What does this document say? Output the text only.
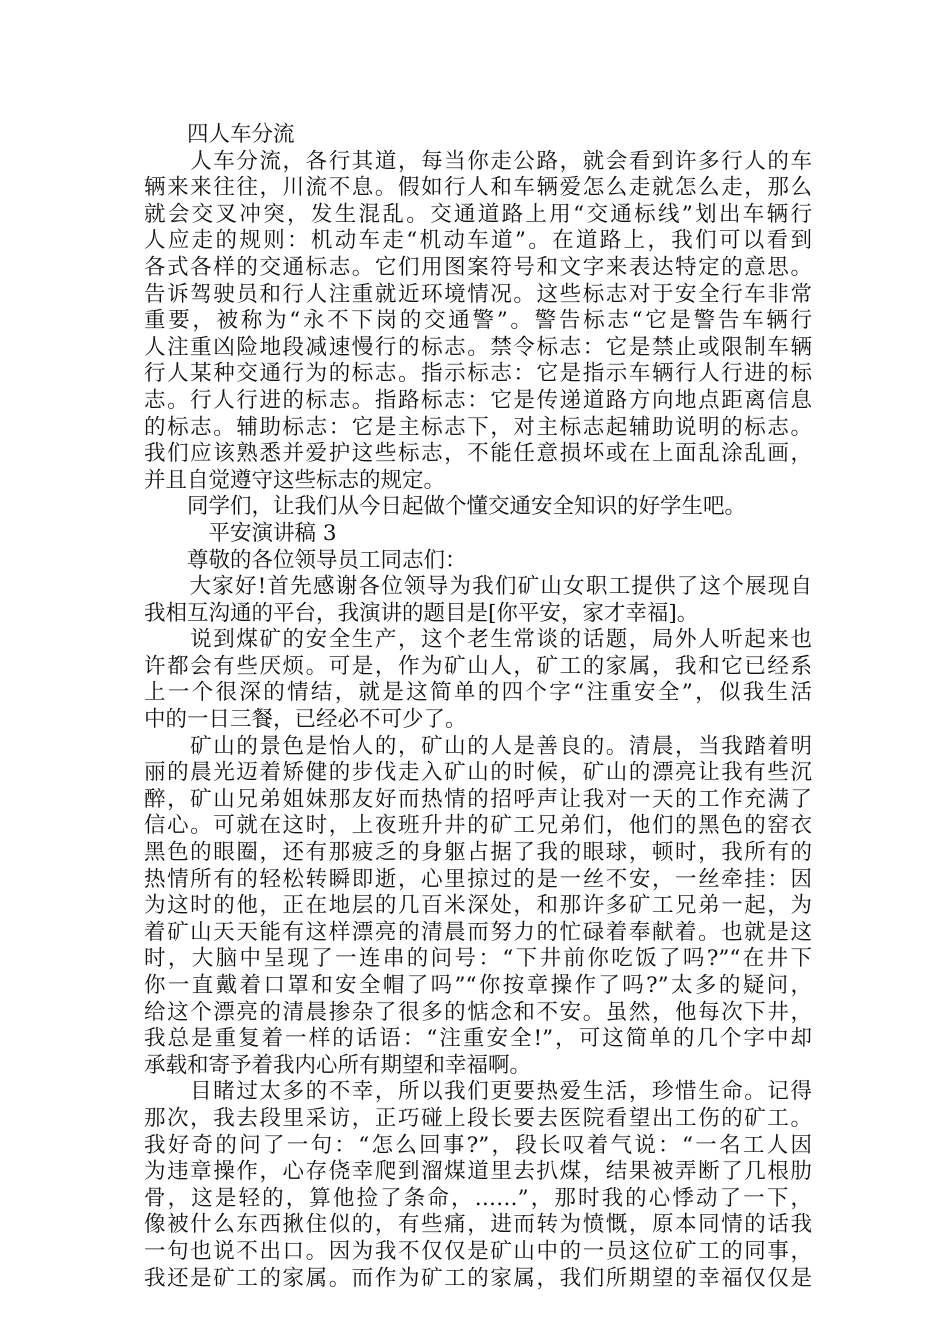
　　四人车分流
　　人车分流，各行其道，每当你走公路，就会看到许多行人的车
辆来来往往，川流不息。假如行人和车辆爱怎么走就怎么走，那么
就会交叉冲突，发生混乱。交通道路上用“交通标线”划出车辆行
人应走的规则：机动车走“机动车道”。在道路上，我们可以看到
各式各样的交通标志。它们用图案符号和文字来表达特定的意思。
告诉驾驶员和行人注重就近环境情况。这些标志对于安全行车非常
重要，被称为“永不下岗的交通警”。警告标志“它是警告车辆行
人注重凶险地段减速慢行的标志。禁令标志：它是禁止或限制车辆
行人某种交通行为的标志。指示标志：它是指示车辆行人行进的标
志。行人行进的标志。指路标志：它是传递道路方向地点距离信息
的标志。辅助标志：它是主标志下，对主标志起辅助说明的标志。
我们应该熟悉并爱护这些标志，不能任意损坏或在上面乱涂乱画，
并且自觉遵守这些标志的规定。
　　同学们，让我们从今日起做个懂交通安全知识的好学生吧。
　　　平安演讲稿 3
　　尊敬的各位领导员工同志们：
　　大家好!首先感谢各位领导为我们矿山女职工提供了这个展现自
我相互沟通的平台，我演讲的题目是[你平安，家才幸福]。
　　说到煤矿的安全生产，这个老生常谈的话题，局外人听起来也
许都会有些厌烦。可是，作为矿山人，矿工的家属，我和它已经系
上一个很深的情结，就是这简单的四个字“注重安全”，似我生活
中的一日三餐，已经必不可少了。
　　矿山的景色是怡人的，矿山的人是善良的。清晨，当我踏着明
丽的晨光迈着矫健的步伐走入矿山的时候，矿山的漂亮让我有些沉
醉，矿山兄弟姐妹那友好而热情的招呼声让我对一天的工作充满了
信心。可就在这时，上夜班升井的矿工兄弟们，他们的黑色的窑衣
黑色的眼圈，还有那疲乏的身躯占据了我的眼球，顿时，我所有的
热情所有的轻松转瞬即逝，心里掠过的是一丝不安，一丝牵挂：因
为这时的他，正在地层的几百米深处，和那许多矿工兄弟一起，为
着矿山天天能有这样漂亮的清晨而努力的忙碌着奉献着。也就是这
时，大脑中呈现了一连串的问号：“下井前你吃饭了吗?”“在井下
你一直戴着口罩和安全帽了吗”“你按章操作了吗?”太多的疑问，
给这个漂亮的清晨掺杂了很多的惦念和不安。虽然，他每次下井，
我总是重复着一样的话语：“注重安全!”，可这简单的几个字中却
承载和寄予着我内心所有期望和幸福啊。
　　目睹过太多的不幸，所以我们更要热爱生活，珍惜生命。记得
那次，我去段里采访，正巧碰上段长要去医院看望出工伤的矿工。
我好奇的问了一句：“怎么回事?”，段长叹着气说：“一名工人因
为违章操作，心存侥幸爬到溜煤道里去扒煤，结果被弄断了几根肋
骨，这是轻的，算他捡了条命，……”，那时我的心悸动了一下，
像被什么东西揪住似的，有些痛，进而转为愤慨，原本同情的话我
一句也说不出口。因为我不仅仅是矿山中的一员这位矿工的同事，
我还是矿工的家属。而作为矿工的家属，我们所期望的幸福仅仅是
